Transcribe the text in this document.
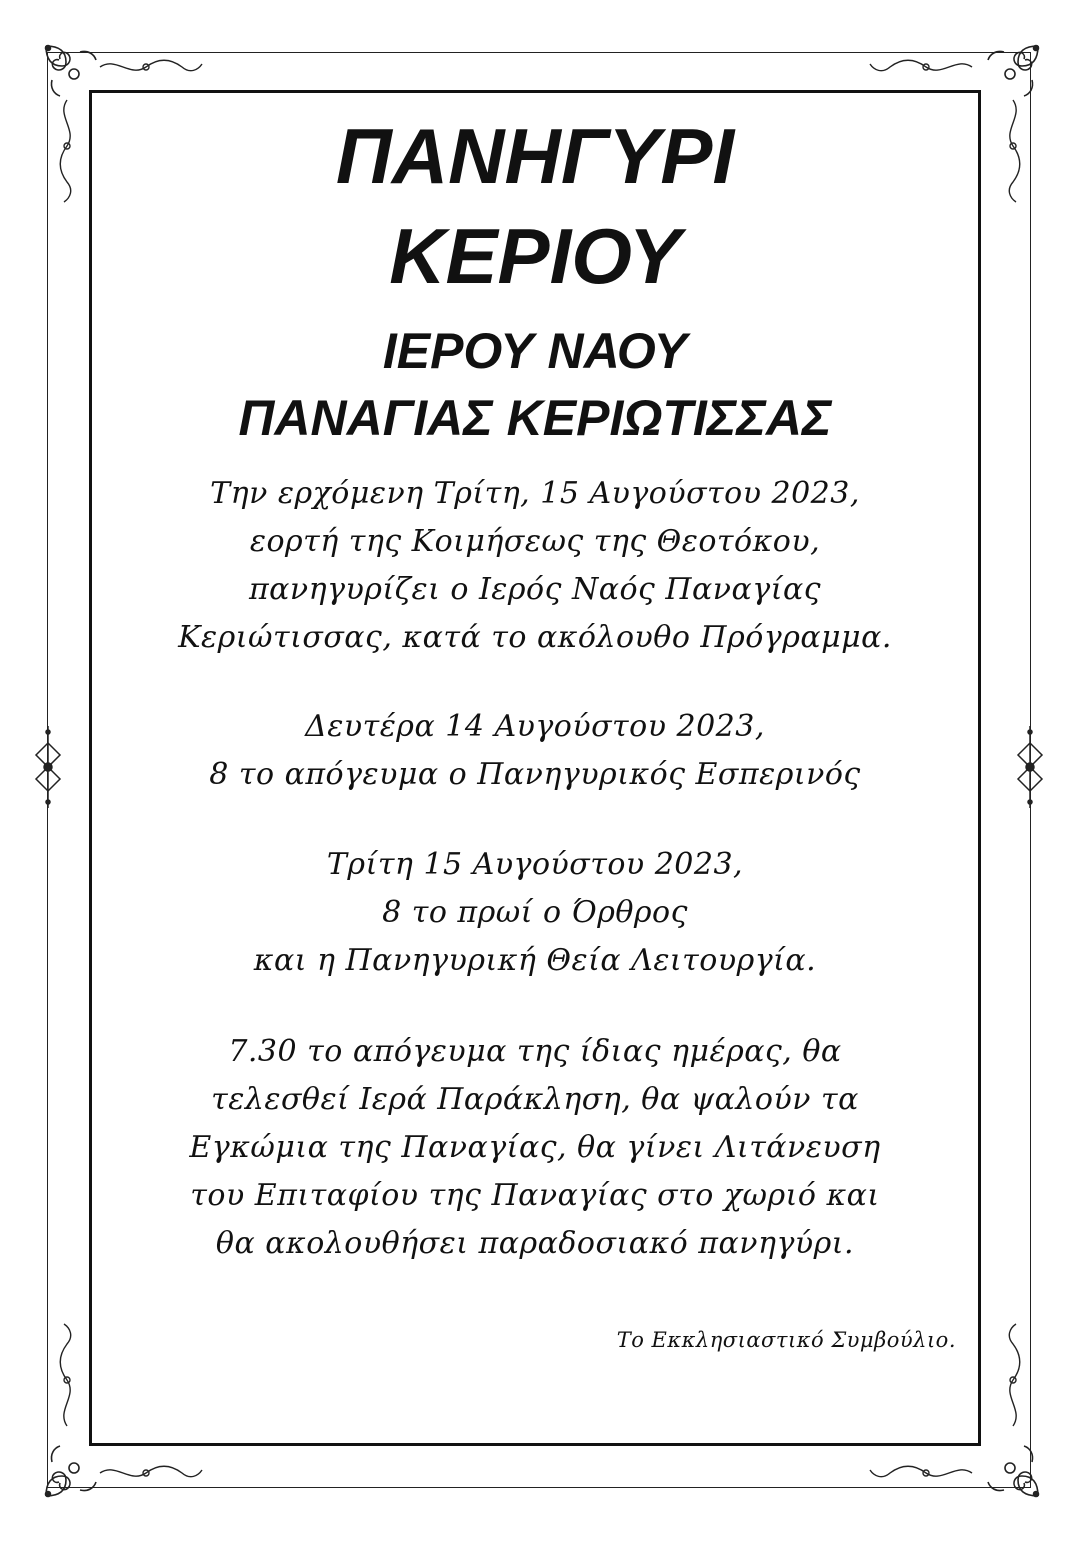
ΠΑΝΗΓΥΡΙ
ΚΕΡΙΟΥ
ΙΕΡΟΥ ΝΑΟΥ
ΠΑΝΑΓΙΑΣ ΚΕΡΙΩΤΙΣΣΑΣ
Την ερχόμενη Τρίτη, 15 Αυγούστου 2023,
εορτή της Κοιμήσεως της Θεοτόκου,
πανηγυρίζει ο Ιερός Ναός Παναγίας
Κεριώτισσας, κατά το ακόλουθο Πρόγραμμα.
Δευτέρα 14 Αυγούστου 2023,
8 το απόγευμα ο Πανηγυρικός Εσπερινός
Τρίτη 15 Αυγούστου 2023,
8 το πρωί ο Όρθρος
και η Πανηγυρική Θεία Λειτουργία.
7.30 το απόγευμα της ίδιας ημέρας, θα
τελεσθεί Ιερά Παράκληση, θα ψαλούν τα
Εγκώμια της Παναγίας, θα γίνει Λιτάνευση
του Επιταφίου της Παναγίας στο χωριό και
θα ακολουθήσει παραδοσιακό πανηγύρι.
Το Εκκλησιαστικό Συμβούλιο.
